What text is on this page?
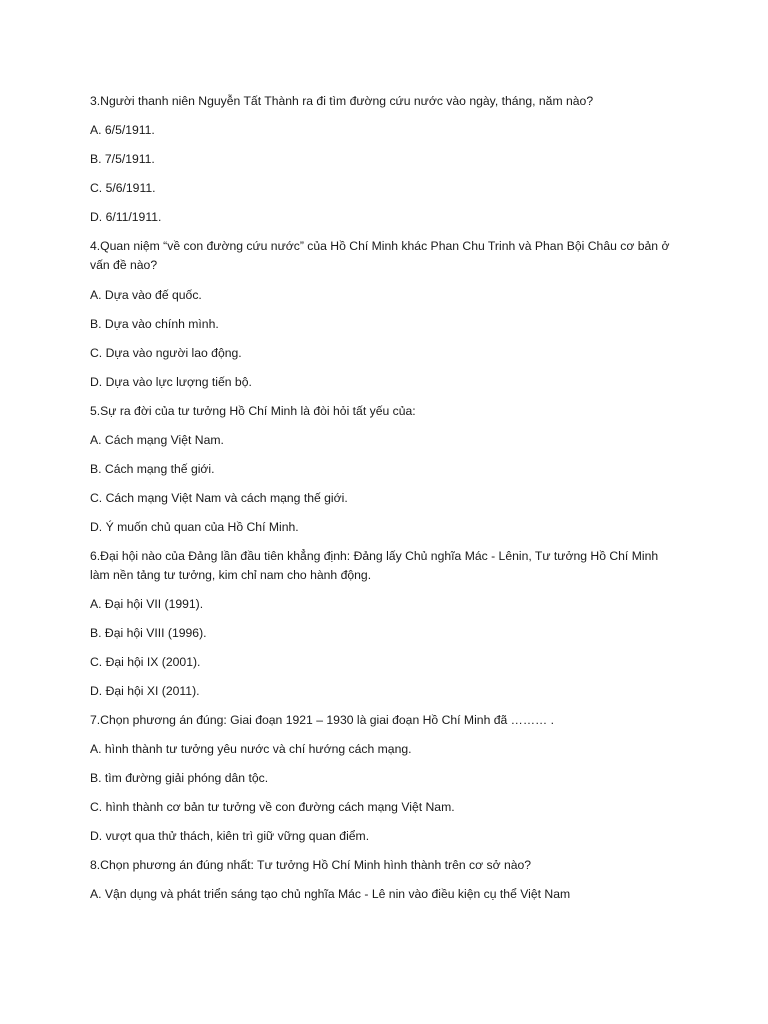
3.Người thanh niên Nguyễn Tất Thành ra đi tìm đường cứu nước vào ngày, tháng, năm nào?
A. 6/5/1911.
B. 7/5/1911.
C. 5/6/1911.
D. 6/11/1911.
4.Quan niệm “về con đường cứu nước” của Hồ Chí Minh khác Phan Chu Trinh và Phan Bội Châu cơ bản ở vấn đề nào?
A. Dựa vào đế quốc.
B. Dựa vào chính mình.
C. Dựa vào người lao động.
D. Dựa vào lực lượng tiến bộ.
5.Sự ra đời của tư tưởng Hồ Chí Minh là đòi hỏi tất yếu của:
A. Cách mạng Việt Nam.
B. Cách mạng thế giới.
C. Cách mạng Việt Nam và cách mạng thế giới.
D. Ý muốn chủ quan của Hồ Chí Minh.
6.Đại hội nào của Đảng lần đầu tiên khẳng định: Đảng lấy Chủ nghĩa Mác - Lênin, Tư tưởng Hồ Chí Minh làm nền tảng tư tưởng, kim chỉ nam cho hành động.
A. Đại hội VII (1991).
B. Đại hội VIII (1996).
C. Đại hội IX (2001).
D. Đại hội XI (2011).
7.Chọn phương án đúng: Giai đoạn 1921 – 1930 là giai đoạn Hồ Chí Minh đã ……… .
A. hình thành tư tưởng yêu nước và chí hướng cách mạng.
B. tìm đường giải phóng dân tộc.
C. hình thành cơ bản tư tưởng về con đường cách mạng Việt Nam.
D. vượt qua thử thách, kiên trì giữ vững quan điểm.
8.Chọn phương án đúng nhất: Tư tưởng Hồ Chí Minh hình thành trên cơ sở nào?
A. Vận dụng và phát triển sáng tạo chủ nghĩa Mác - Lê nin vào điều kiện cụ thể Việt Nam
